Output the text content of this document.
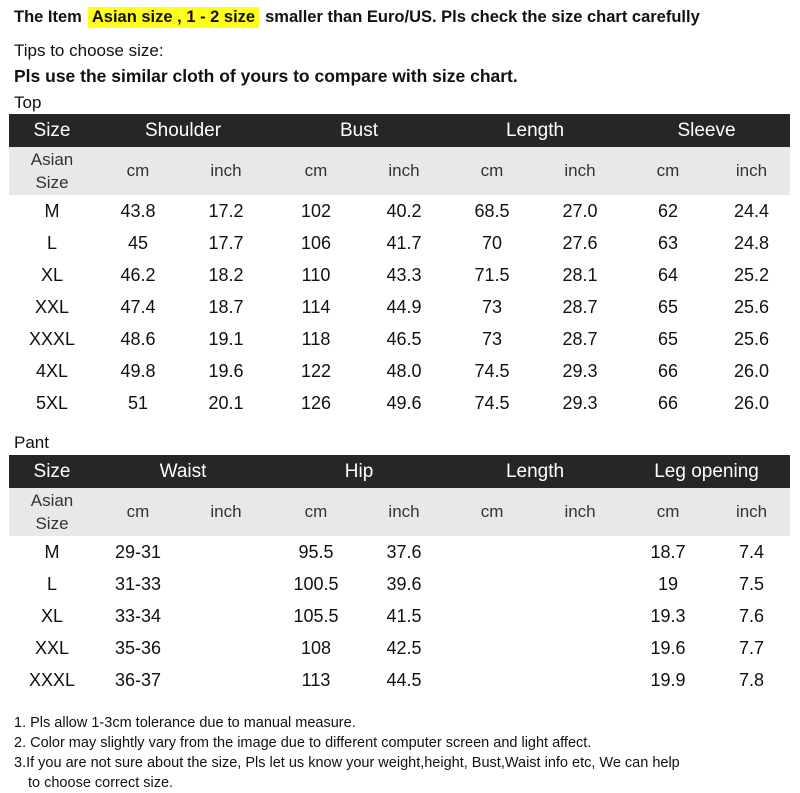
The Item Asian size , 1 - 2 size smaller than Euro/US. Pls check the size chart carefully
Tips to choose size:
Pls use the similar cloth of yours to compare with size chart.
Top
Size	Shoulder		Bust		Length		Sleeve	
Asian
Size	cm	inch	cm	inch	cm	inch	cm	inch
M	43.8	17.2	102	40.2	68.5	27.0	62	24.4
L	45	17.7	106	41.7	70	27.6	63	24.8
XL	46.2	18.2	110	43.3	71.5	28.1	64	25.2
XXL	47.4	18.7	114	44.9	73	28.7	65	25.6
XXXL	48.6	19.1	118	46.5	73	28.7	65	25.6
4XL	49.8	19.6	122	48.0	74.5	29.3	66	26.0
5XL	51	20.1	126	49.6	74.5	29.3	66	26.0
Pant
Size	Waist		Hip		Length		Leg opening	
Asian
Size	cm	inch	cm	inch	cm	inch	cm	inch
M	29-31		95.5	37.6			18.7	7.4
L	31-33		100.5	39.6			19	7.5
XL	33-34		105.5	41.5			19.3	7.6
XXL	35-36		108	42.5			19.6	7.7
XXXL	36-37		113	44.5			19.9	7.8
1. Pls allow 1-3cm tolerance due to manual measure.
2. Color may slightly vary from the image due to different computer screen and light affect.
3.If you are not sure about the size, Pls let us know your weight,height, Bust,Waist info etc, We can help
to choose correct size.
